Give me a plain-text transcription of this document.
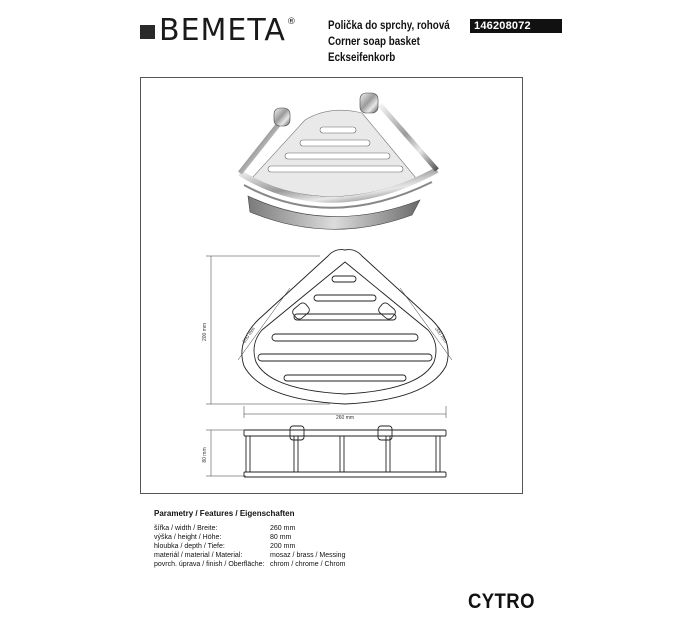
BEMETA®	Polička do sprchy, rohová
Corner soap basket
Eckseifenkorb
146208072
200 mm
260 mm
200 mm	200 mm
80 mm
Parametry / Features / Eigenschaften
šířka / width / Breite:	260 mm
výška / height / Höhe:	80 mm
hloubka / depth / Tiefe:	200 mm
materiál / material / Material:	mosaz / brass / Messing
povrch. úprava / finish / Oberfläche: chrom / chrome / Chrom
CYTRO
